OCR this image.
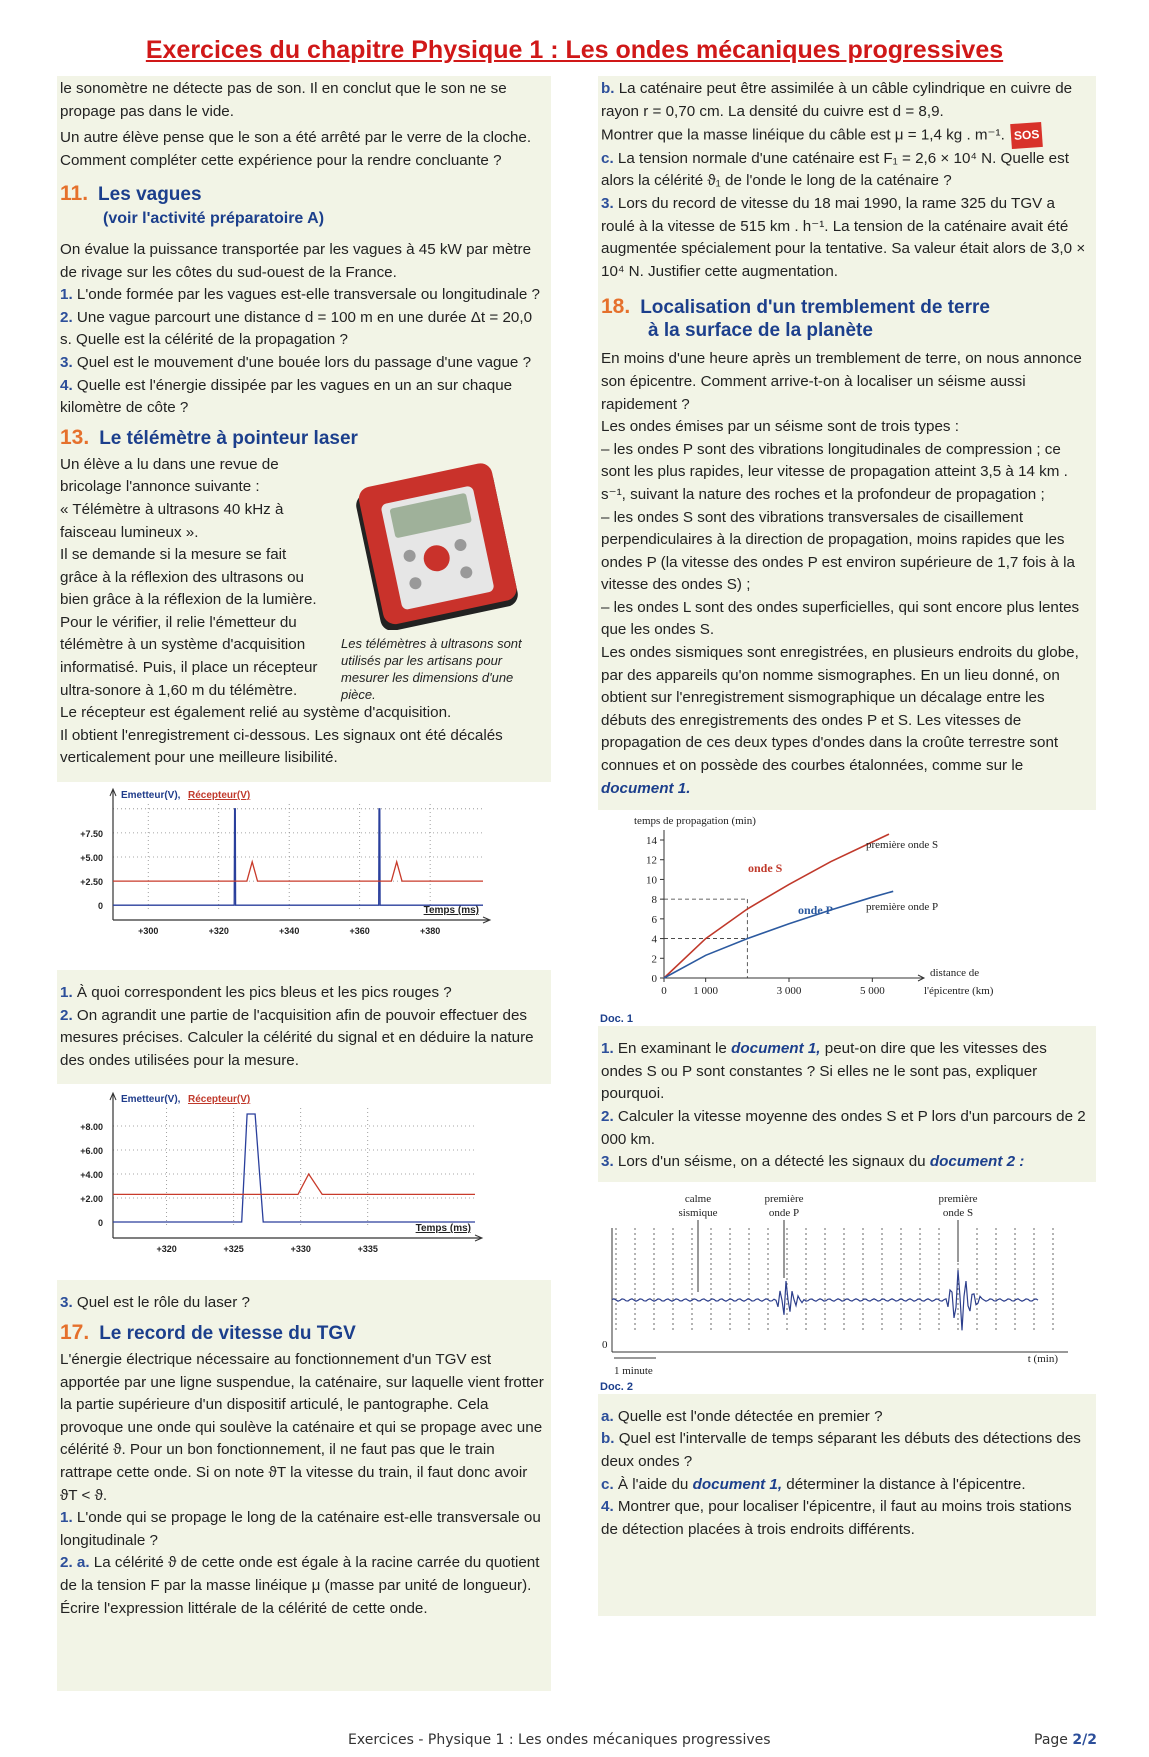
Exercices du chapitre Physique 1 : Les ondes mécaniques progressives

le sonomètre ne détecte pas de son. Il en conclut que le son ne se propage pas dans le vide.

Un autre élève pense que le son a été arrêté par le verre de la cloche. Comment compléter cette expérience pour la rendre concluante ?

11. Les vagues
(voir l'activité préparatoire A)

On évalue la puissance transportée par les vagues à 45 kW par mètre de rivage sur les côtes du sud-ouest de la France.

1. L'onde formée par les vagues est-elle transversale ou longitudinale ?

2. Une vague parcourt une distance d = 100 m en une durée Δt = 20,0 s. Quelle est la célérité de la propagation ?

3. Quel est le mouvement d'une bouée lors du passage d'une vague ?

4. Quelle est l'énergie dissipée par les vagues en un an sur chaque kilomètre de côte ?

13. Le télémètre à pointeur laser

Un élève a lu dans une revue de bricolage l'annonce suivante :

« Télémètre à ultrasons 40 kHz à faisceau lumineux ».

Il se demande si la mesure se fait grâce à la réflexion des ultrasons ou bien grâce à la réflexion de la lumière. Pour le vérifier, il relie l'émetteur du télémètre à un système d'acquisition informatisé. Puis, il place un récepteur ultra-sonore à 1,60 m du télémètre.

Les télémètres à ultrasons sont utilisés par les artisans pour mesurer les dimensions d'une pièce.

Le récepteur est également relié au système d'acquisition.

Il obtient l'enregistrement ci-dessous. Les signaux ont été décalés verticalement pour une meilleure lisibilité.

Emetteur(V), Récepteur(V)
+7.50
+5.00
+2.50
0
+300	+320	+340	+360	+380
Temps (ms)

1. À quoi correspondent les pics bleus et les pics rouges ?

2. On agrandit une partie de l'acquisition afin de pouvoir effectuer des mesures précises. Calculer la célérité du signal et en déduire la nature des ondes utilisées pour la mesure.

Emetteur(V), Récepteur(V)
+8.00
+6.00
+4.00
+2.00
0
+320	+325	+330	+335
Temps (ms)

3. Quel est le rôle du laser ?

17. Le record de vitesse du TGV

L'énergie électrique nécessaire au fonctionnement d'un TGV est apportée par une ligne suspendue, la caténaire, sur laquelle vient frotter la partie supérieure d'un dispositif articulé, le pantographe. Cela provoque une onde qui soulève la caténaire et qui se propage avec une célérité ϑ. Pour un bon fonctionnement, il ne faut pas que le train rattrape cette onde. Si on note ϑT la vitesse du train, il faut donc avoir ϑT < ϑ.

1. L'onde qui se propage le long de la caténaire est-elle transversale ou longitudinale ?

2. a. La célérité ϑ de cette onde est égale à la racine carrée du quotient de la tension F par la masse linéique μ (masse par unité de longueur). Écrire l'expression littérale de la célérité de cette onde.

b. La caténaire peut être assimilée à un câble cylindrique en cuivre de rayon r = 0,70 cm. La densité du cuivre est d = 8,9.

Montrer que la masse linéique du câble est μ = 1,4 kg . m⁻¹. SOS

c. La tension normale d'une caténaire est F₁ = 2,6 × 10⁴ N. Quelle est alors la célérité ϑ₁ de l'onde le long de la caténaire ?

3. Lors du record de vitesse du 18 mai 1990, la rame 325 du TGV a roulé à la vitesse de 515 km . h⁻¹. La tension de la caténaire avait été augmentée spécialement pour la tentative. Sa valeur était alors de 3,0 × 10⁴ N. Justifier cette augmentation.

18. Localisation d'un tremblement de terre
à la surface de la planète

En moins d'une heure après un tremblement de terre, on nous annonce son épicentre. Comment arrive-t-on à localiser un séisme aussi rapidement ?

Les ondes émises par un séisme sont de trois types :

– les ondes P sont des vibrations longitudinales de compression ; ce sont les plus rapides, leur vitesse de propagation atteint 3,5 à 14 km . s⁻¹, suivant la nature des roches et la profondeur de propagation ;

– les ondes S sont des vibrations transversales de cisaillement perpendiculaires à la direction de propagation, moins rapides que les ondes P (la vitesse des ondes P est environ supérieure de 1,7 fois à la vitesse des ondes S) ;

– les ondes L sont des ondes superficielles, qui sont encore plus lentes que les ondes S.

Les ondes sismiques sont enregistrées, en plusieurs endroits du globe, par des appareils qu'on nomme sismographes. En un lieu donné, on obtient sur l'enregistrement sismographique un décalage entre les débuts des enregistrements des ondes P et S. Les vitesses de propagation de ces deux types d'ondes dans la croûte terrestre sont connues et on possède des courbes étalonnées, comme sur le document 1.

14
12
10
8
6
4
2
0
0 1 000	3 000	5 000
temps de propagation (min)
distance de
l'épicentre (km)
onde S
onde P
première onde S
première onde P
Doc. 1

1. En examinant le document 1, peut-on dire que les vitesses des ondes S ou P sont constantes ? Si elles ne le sont pas, expliquer pourquoi.

2. Calculer la vitesse moyenne des ondes S et P lors d'un parcours de 2 000 km.

3. Lors d'un séisme, on a détecté les signaux du document 2 :

calme
sismique
première
onde P
première
onde S
0
1 minute
t (min)
Doc. 2

a. Quelle est l'onde détectée en premier ?

b. Quel est l'intervalle de temps séparant les débuts des détections des deux ondes ?

c. À l'aide du document 1, déterminer la distance à l'épicentre.

4. Montrer que, pour localiser l'épicentre, il faut au moins trois stations de détection placées à trois endroits différents.

Exercices - Physique 1 : Les ondes mécaniques progressives	Page 2/2
